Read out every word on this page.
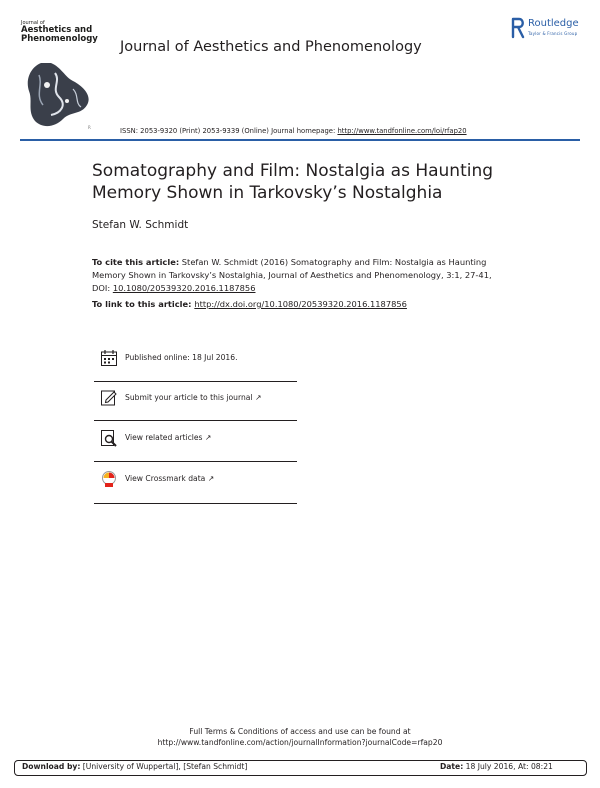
Journal of
Aesthetics and
Phenomenology
R
Journal of Aesthetics and Phenomenology
Routledge
Taylor & Francis Group
ISSN: 2053-9320 (Print) 2053-9339 (Online) Journal homepage: http://www.tandfonline.com/loi/rfap20
Somatography and Film: Nostalgia as Haunting Memory Shown in Tarkovsky’s Nostalghia
Stefan W. Schmidt
To cite this article: Stefan W. Schmidt (2016) Somatography and Film: Nostalgia as Haunting Memory Shown in Tarkovsky’s Nostalghia, Journal of Aesthetics and Phenomenology, 3:1, 27-41, DOI: 10.1080/20539320.2016.1187856
To link to this article: http://dx.doi.org/10.1080/20539320.2016.1187856
Published online: 18 Jul 2016.
Submit your article to this journal ↗
View related articles ↗
View Crossmark data ↗
Full Terms & Conditions of access and use can be found at
http://www.tandfonline.com/action/journalInformation?journalCode=rfap20
Download by: [University of Wuppertal], [Stefan Schmidt]	Date: 18 July 2016, At: 08:21
